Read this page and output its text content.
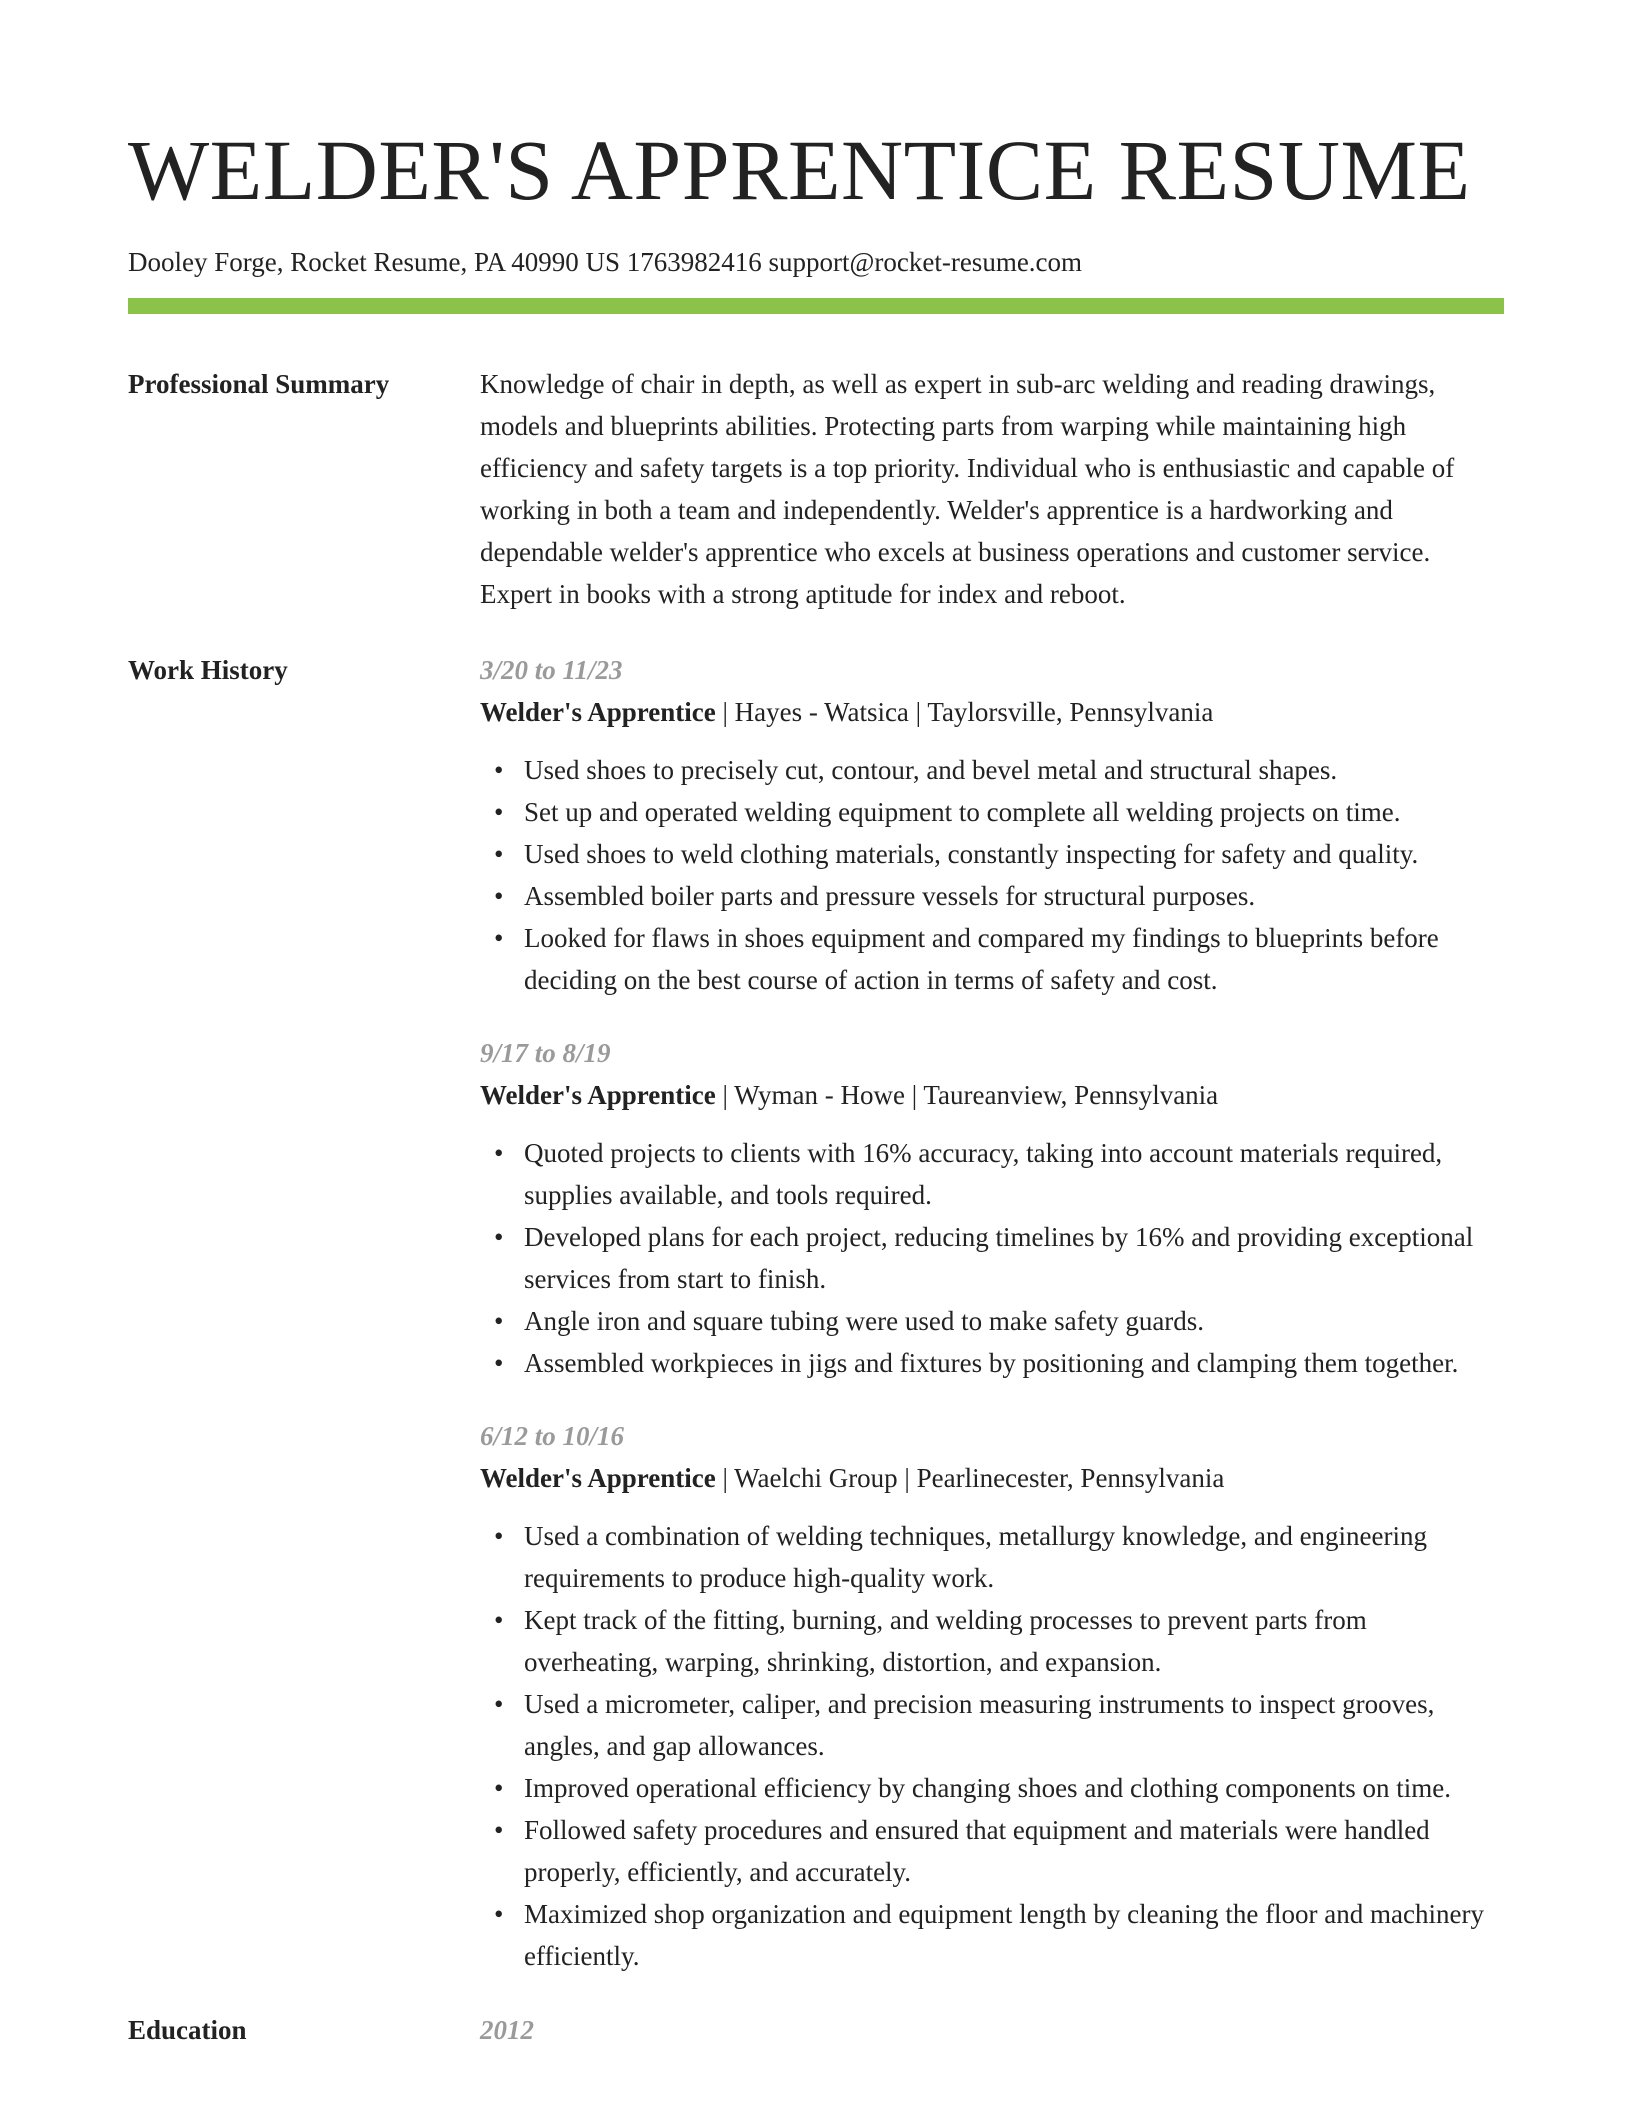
WELDER'S APPRENTICE RESUME
Dooley Forge, Rocket Resume, PA 40990 US 1763982416 support@rocket-resume.com
Professional Summary	Knowledge of chair in depth, as well as expert in sub-arc welding and reading drawings, models and blueprints abilities. Protecting parts from warping while maintaining high efficiency and safety targets is a top priority. Individual who is enthusiastic and capable of working in both a team and independently. Welder's apprentice is a hardworking and dependable welder's apprentice who excels at business operations and customer service. Expert in books with a strong aptitude for index and reboot.

Work History	3/20 to 11/23
Welder's Apprentice | Hayes - Watsica | Taylorsville, Pennsylvania
• Used shoes to precisely cut, contour, and bevel metal and structural shapes.
• Set up and operated welding equipment to complete all welding projects on time.
• Used shoes to weld clothing materials, constantly inspecting for safety and quality.
• Assembled boiler parts and pressure vessels for structural purposes.
• Looked for flaws in shoes equipment and compared my findings to blueprints before deciding on the best course of action in terms of safety and cost.
9/17 to 8/19
Welder's Apprentice | Wyman - Howe | Taureanview, Pennsylvania
• Quoted projects to clients with 16% accuracy, taking into account materials required, supplies available, and tools required.
• Developed plans for each project, reducing timelines by 16% and providing exceptional services from start to finish.
• Angle iron and square tubing were used to make safety guards.
• Assembled workpieces in jigs and fixtures by positioning and clamping them together.
6/12 to 10/16
Welder's Apprentice | Waelchi Group | Pearlinecester, Pennsylvania
• Used a combination of welding techniques, metallurgy knowledge, and engineering requirements to produce high-quality work.
• Kept track of the fitting, burning, and welding processes to prevent parts from overheating, warping, shrinking, distortion, and expansion.
• Used a micrometer, caliper, and precision measuring instruments to inspect grooves, angles, and gap allowances.
• Improved operational efficiency by changing shoes and clothing components on time.
• Followed safety procedures and ensured that equipment and materials were handled properly, efficiently, and accurately.
• Maximized shop organization and equipment length by cleaning the floor and machinery efficiently.
Education	2012
